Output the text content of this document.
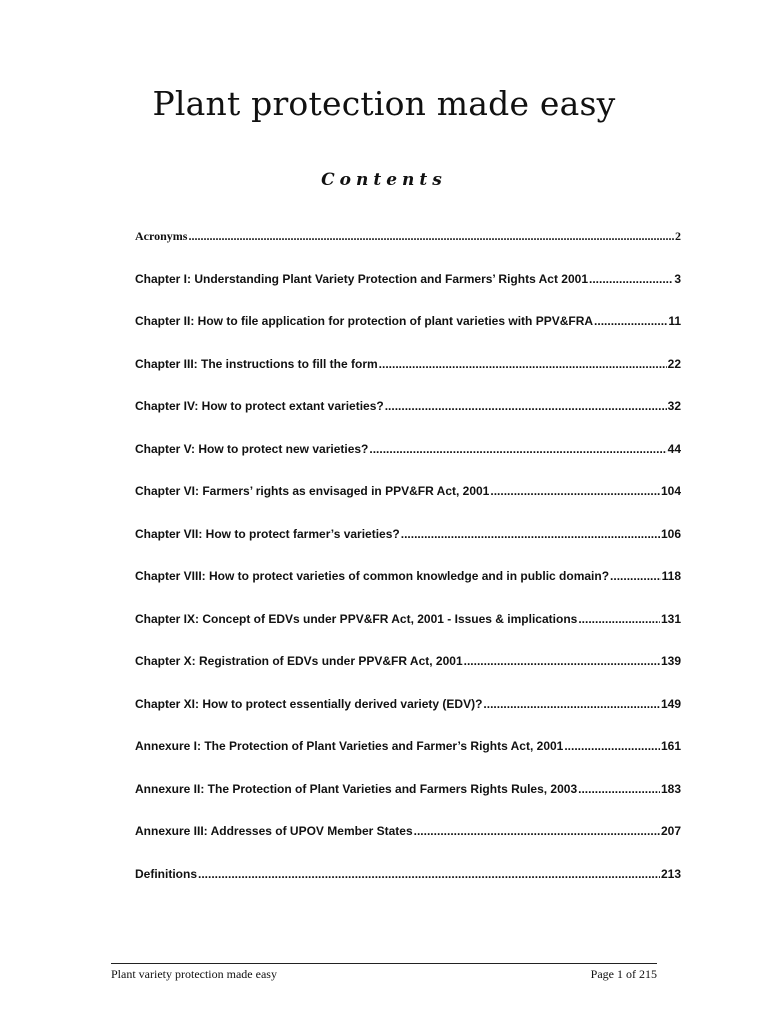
Plant protection made easy
Contents
Acronyms .....	2
Chapter I: Understanding Plant Variety Protection and Farmers’ Rights Act 2001 .....	3
Chapter II: How to file application for protection of plant varieties with PPV&FRA .....	11
Chapter III: The instructions to fill the form .....	22
Chapter IV: How to protect extant varieties? .....	32
Chapter V: How to protect new varieties? .....	44
Chapter VI: Farmers’ rights as envisaged in PPV&FR Act, 2001 .....	104
Chapter VII: How to protect farmer’s varieties? .....	106
Chapter VIII: How to protect varieties of common knowledge and in public domain? .....	118
Chapter IX: Concept of EDVs under PPV&FR Act, 2001 - Issues & implications .....	131
Chapter X: Registration of EDVs under PPV&FR Act, 2001 .....	139
Chapter XI: How to protect essentially derived variety (EDV)? .....	149
Annexure I: The Protection of Plant Varieties and Farmer’s Rights Act, 2001 .....	161
Annexure II: The Protection of Plant Varieties and Farmers Rights Rules, 2003 .....	183
Annexure III: Addresses of UPOV Member States .....	207
Definitions .....	213
Plant variety protection made easy	Page 1 of 215
